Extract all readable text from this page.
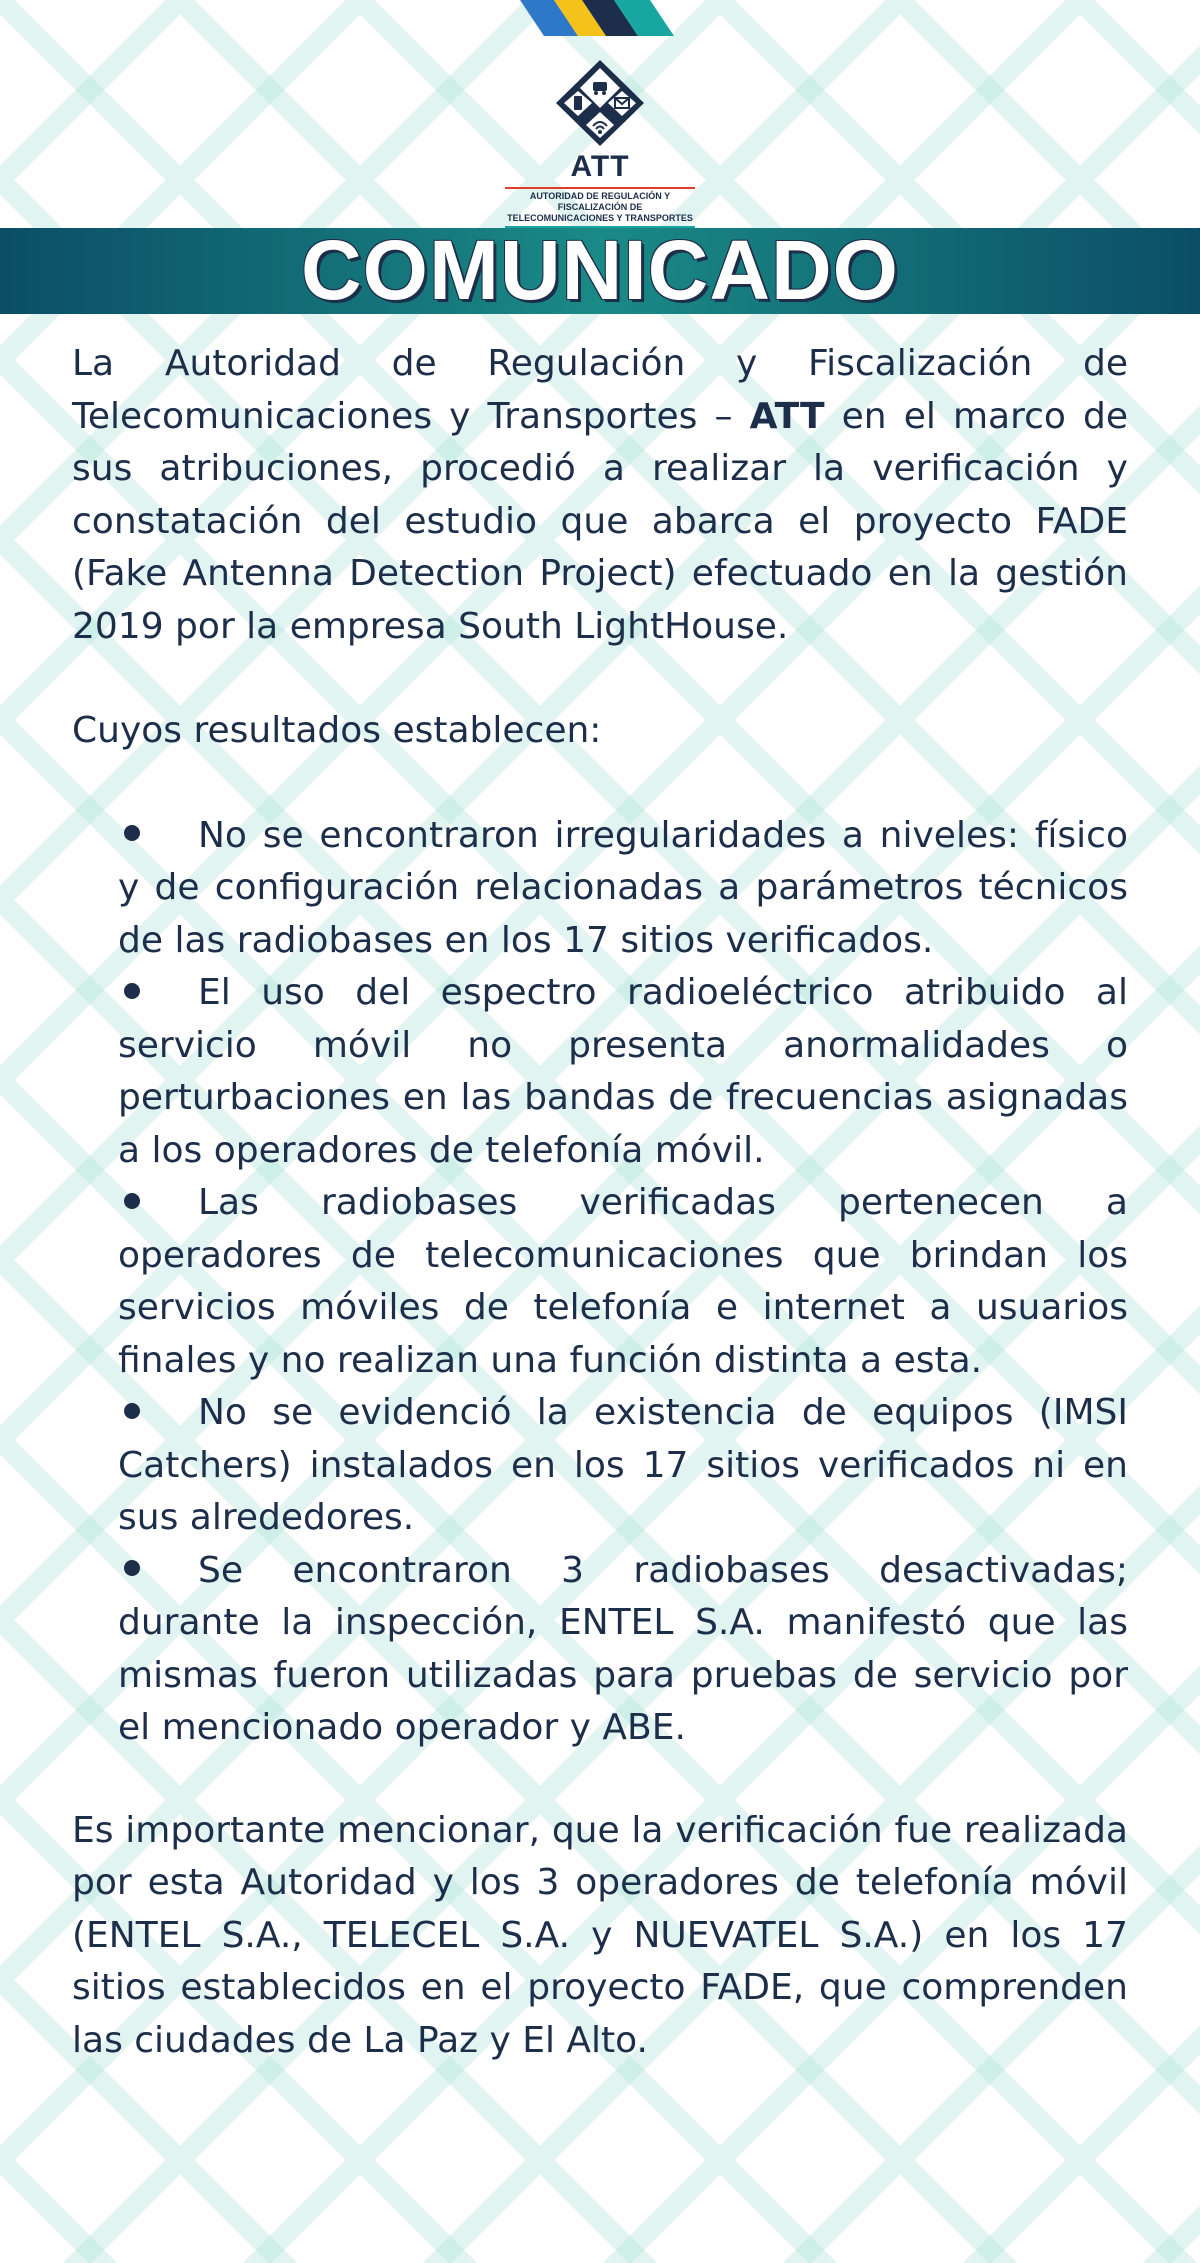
ATT
AUTORIDAD DE REGULACIÓN Y FISCALIZACIÓN DE TELECOMUNICACIONES Y TRANSPORTES
COMUNICADO

La Autoridad de Regulación y Fiscalización de Telecomunicaciones y Transportes – ATT en el marco de sus atribuciones, procedió a realizar la verificación y constatación del estudio que abarca el proyecto FADE (Fake Antenna Detection Project) efectuado en la gestión 2019 por la empresa South LightHouse.

Cuyos resultados establecen:

No se encontraron irregularidades a niveles: físico y de configuración relacionadas a parámetros técnicos de las radiobases en los 17 sitios verificados.
El uso del espectro radioeléctrico atribuido al servicio móvil no presenta anormalidades o perturbaciones en las bandas de frecuencias asignadas a los operadores de telefonía móvil.
Las radiobases verificadas pertenecen a operadores de telecomunicaciones que brindan los servicios móviles de telefonía e internet a usuarios finales y no realizan una función distinta a esta.
No se evidenció la existencia de equipos (IMSI Catchers) instalados en los 17 sitios verificados ni en sus alrededores.
Se encontraron 3 radiobases desactivadas; durante la inspección, ENTEL S.A. manifestó que las mismas fueron utilizadas para pruebas de servicio por el mencionado operador y ABE.

Es importante mencionar, que la verificación fue realizada por esta Autoridad y los 3 operadores de telefonía móvil (ENTEL S.A., TELECEL S.A. y NUEVATEL S.A.) en los 17 sitios establecidos en el proyecto FADE, que comprenden las ciudades de La Paz y El Alto.
